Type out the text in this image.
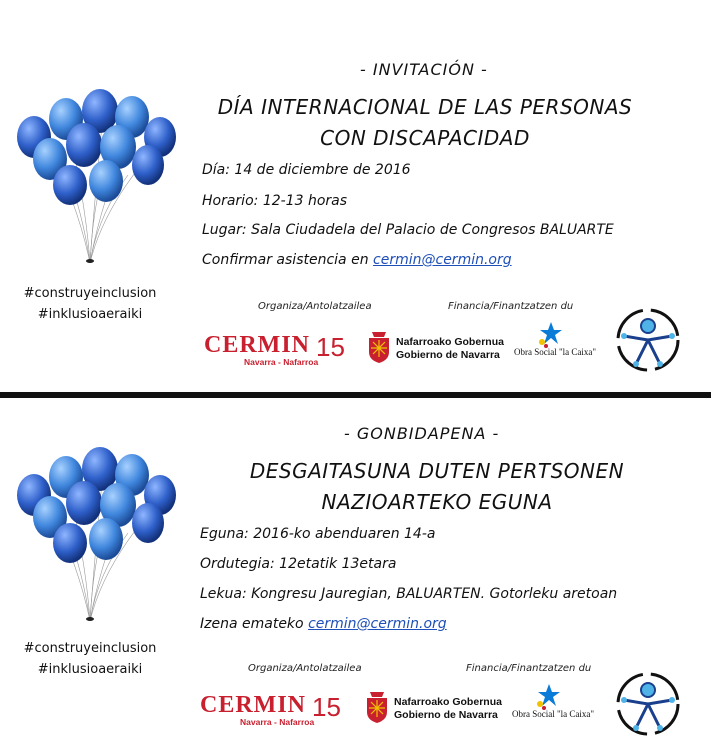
#construyeinclusion
#inklusioaeraiki
- INVITACIÓN -
DÍA INTERNACIONAL DE LAS PERSONAS CON DISCAPACIDAD
Día: 14 de diciembre de 2016
Horario: 12-13 horas
Lugar: Sala Ciudadela del Palacio de Congresos BALUARTE
Confirmar asistencia en cermin@cermin.org
Organiza/Antolatzailea	Financia/Finantzatzen du
CERMIN 15
Navarra - Nafarroa
Nafarroako Gobernua
Gobierno de Navarra	Obra Social "la Caixa"
#construyeinclusion
#inklusioaeraiki
- GONBIDAPENA -
DESGAITASUNA DUTEN PERTSONEN NAZIOARTEKO EGUNA
Eguna: 2016-ko abenduaren 14-a
Ordutegia: 12etatik 13etara
Lekua: Kongresu Jauregian, BALUARTEN. Gotorleku aretoan
Izena emateko cermin@cermin.org
Organiza/Antolatzailea	Financia/Finantzatzen du
CERMIN 15
Navarra - Nafarroa
Nafarroako Gobernua
Gobierno de Navarra	Obra Social "la Caixa"
